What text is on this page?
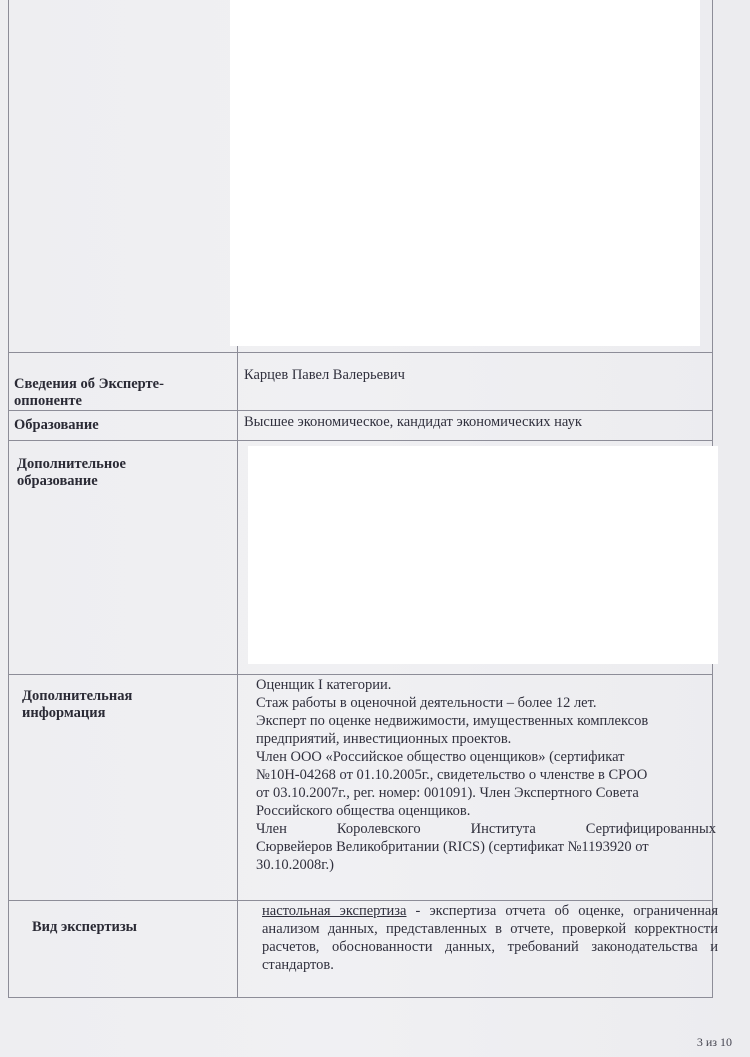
Сведения об Эксперте-
оппоненте
Карцев Павел Валерьевич
Образование	Высшее экономическое, кандидат экономических наук
Дополнительное
образование
Дополнительная
информация
Оценщик I категории.
Стаж работы в оценочной деятельности – более 12 лет.
Эксперт по оценке недвижимости, имущественных комплексов
предприятий, инвестиционных проектов.
Член ООО «Российское общество оценщиков» (сертификат
№10Н-04268 от 01.10.2005г., свидетельство о членстве в СРОО
от 03.10.2007г., рег. номер: 001091). Член Экспертного Совета
Российского общества оценщиков.
Член Королевского Института Сертифицированных
Сюрвейеров Великобритании (RICS) (сертификат №1193920 от
30.10.2008г.)
Вид экспертизы
настольная экспертиза - экспертиза отчета об оценке, ограниченная анализом данных, представленных в отчете, проверкой корректности расчетов, обоснованности данных, требований законодательства и стандартов.
3 из 10
